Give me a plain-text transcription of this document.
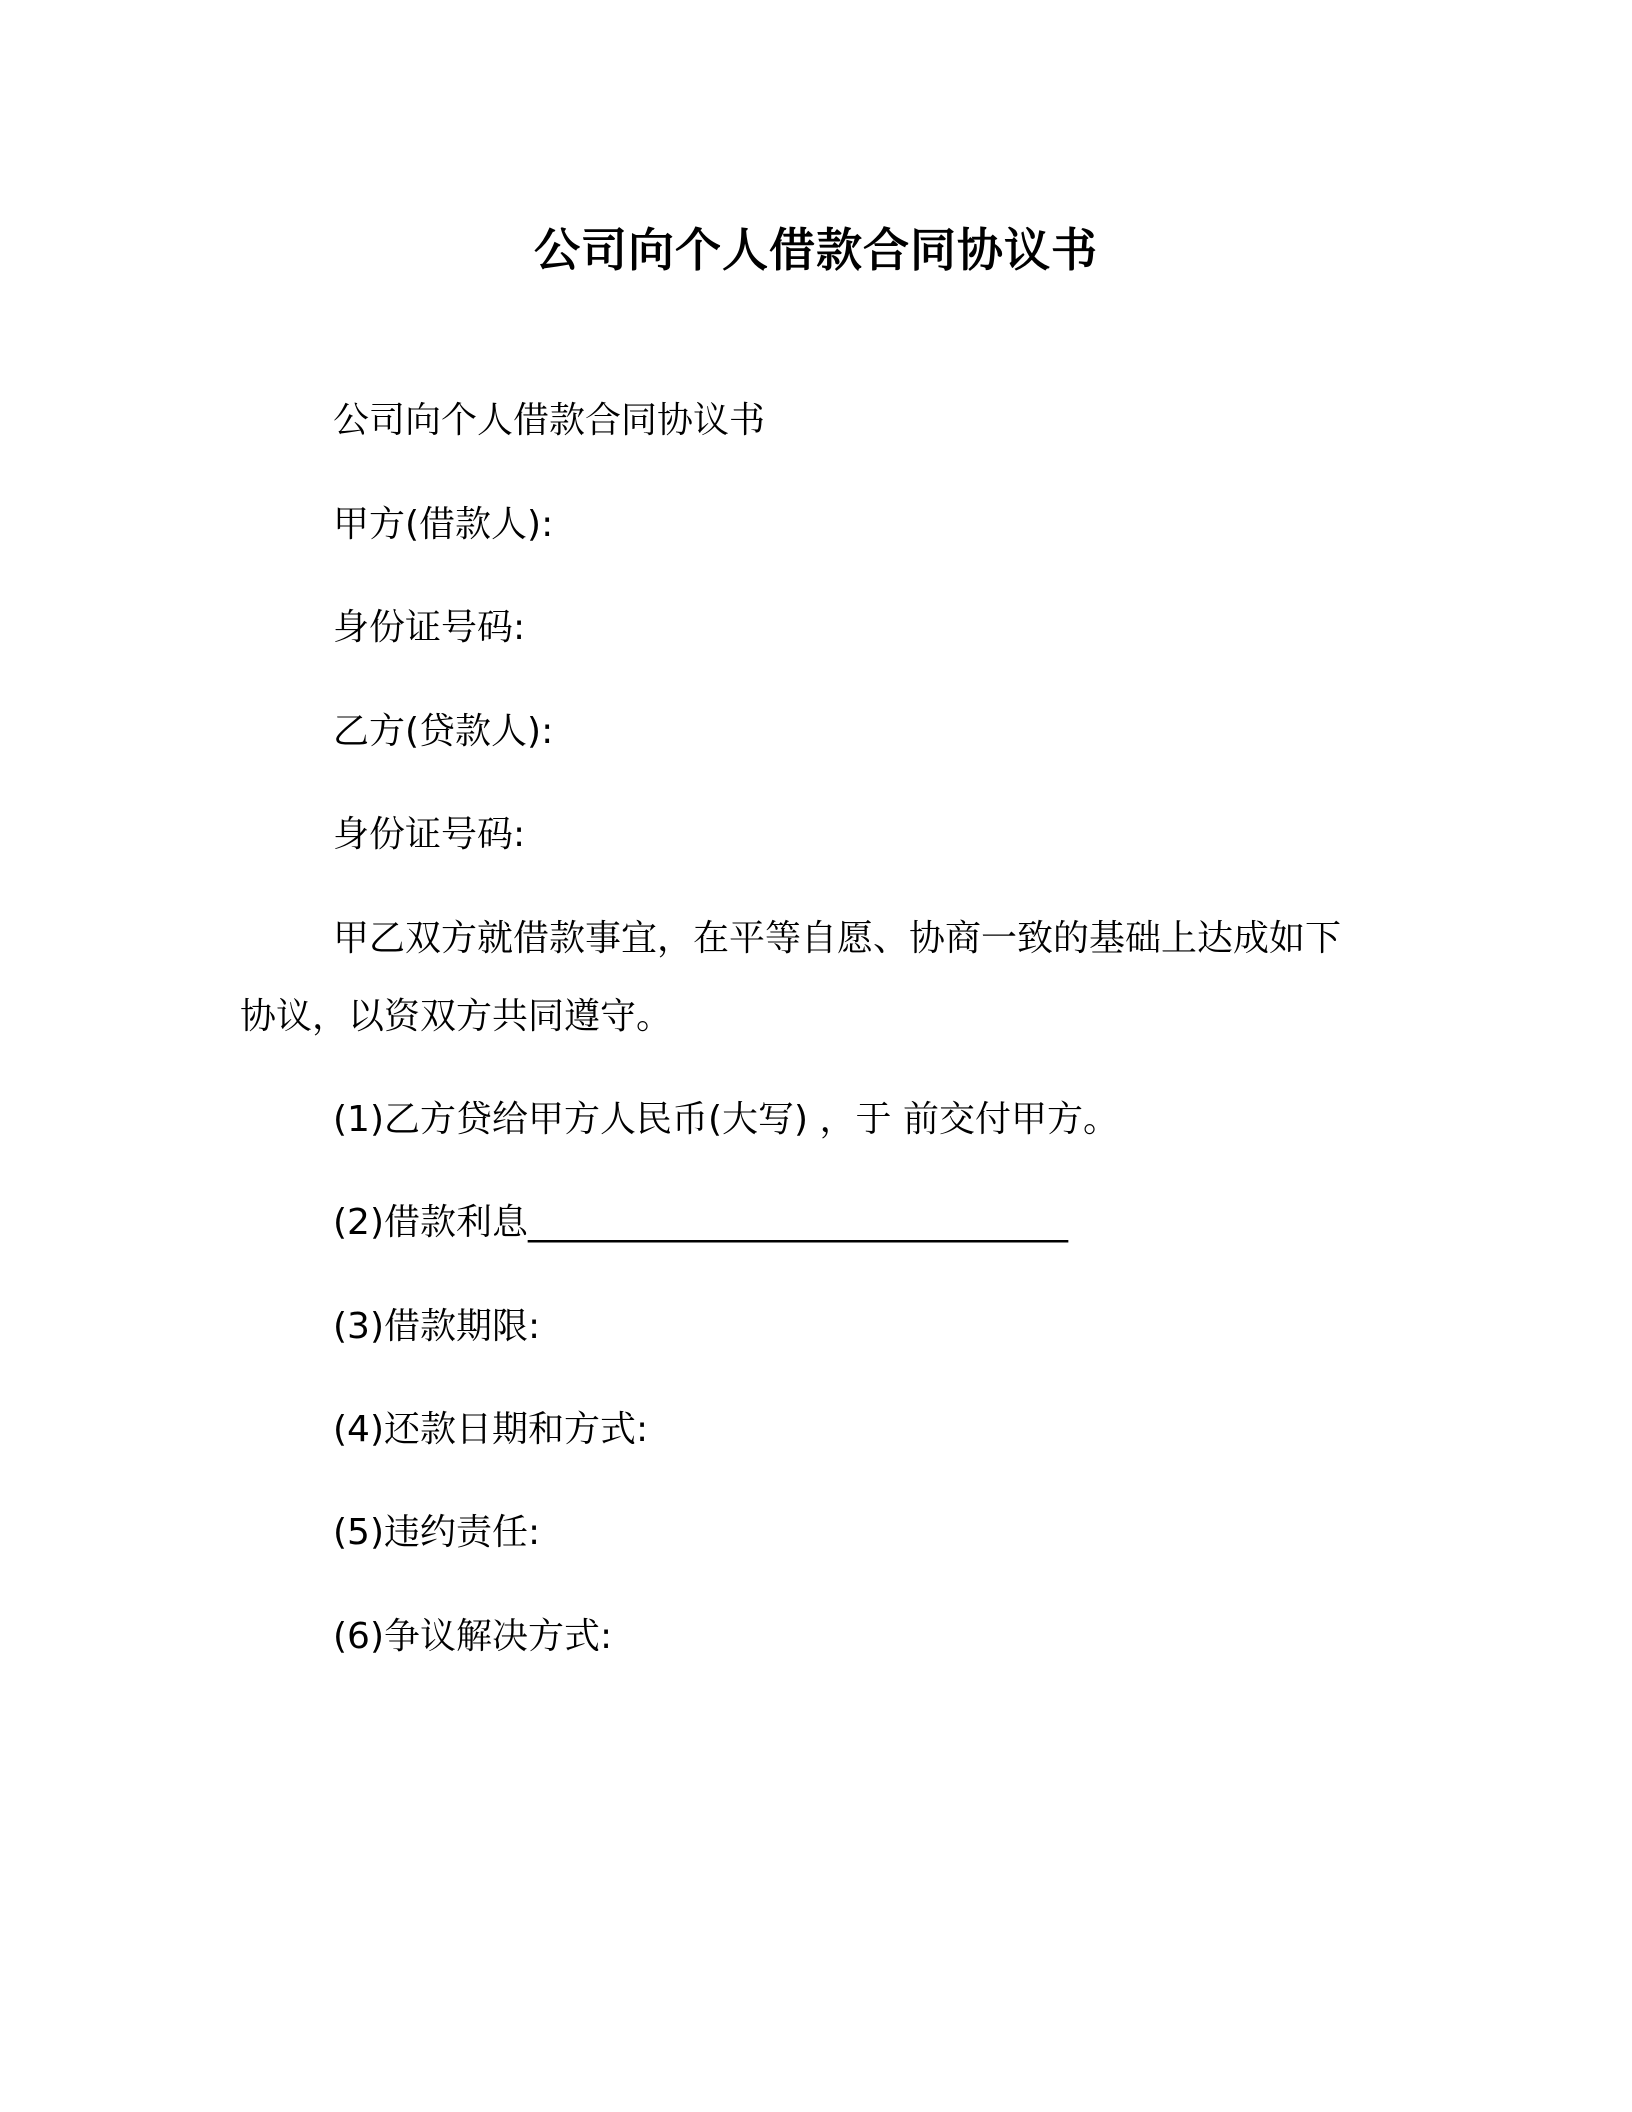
公司向个人借款合同协议书
公司向个人借款合同协议书
甲方(借款人):
身份证号码:
乙方(贷款人):
身份证号码:
甲乙双方就借款事宜，在平等自愿、协商一致的基础上达成如下
协议，以资双方共同遵守。
(1)乙方贷给甲方人民币(大写) ，于 前交付甲方。
(2)借款利息______________________________
(3)借款期限:
(4)还款日期和方式:
(5)违约责任:
(6)争议解决方式:
